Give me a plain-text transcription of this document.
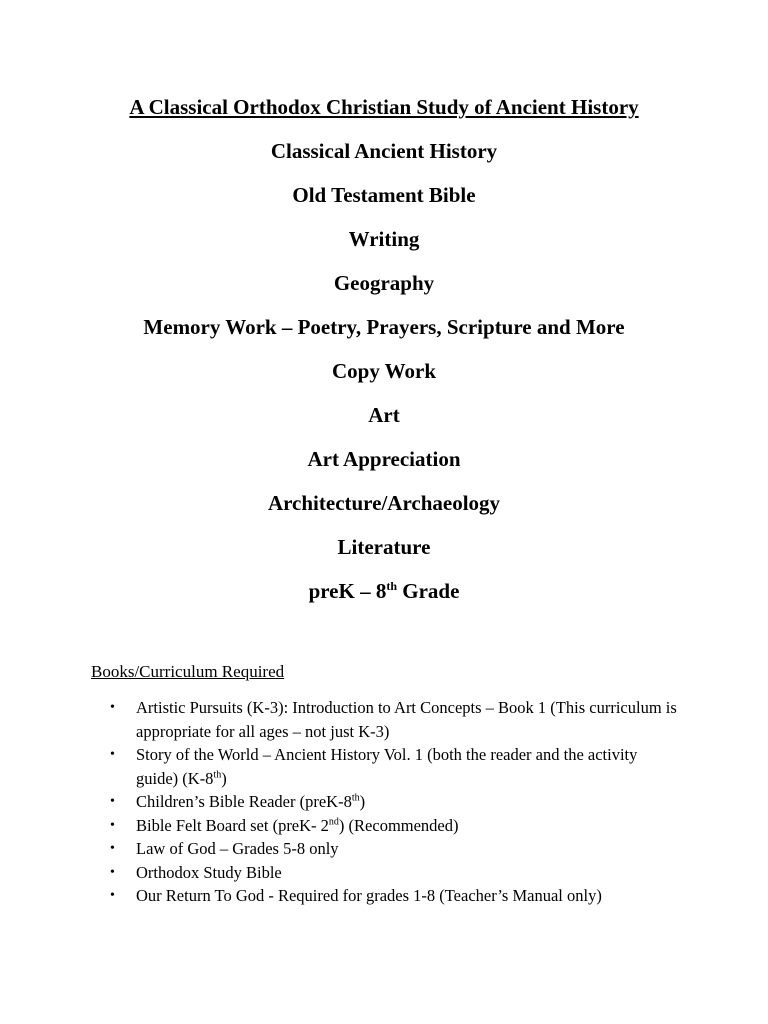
A Classical Orthodox Christian Study of Ancient History
Classical Ancient History
Old Testament Bible
Writing
Geography
Memory Work – Poetry, Prayers, Scripture and More
Copy Work
Art
Art Appreciation
Architecture/Archaeology
Literature
preK – 8th Grade

Books/Curriculum Required

• Artistic Pursuits (K-3): Introduction to Art Concepts – Book 1 (This curriculum is appropriate for all ages – not just K-3)
• Story of the World – Ancient History Vol. 1 (both the reader and the activity guide) (K-8th)
• Children’s Bible Reader (preK-8th)
• Bible Felt Board set (preK- 2nd) (Recommended)
• Law of God – Grades 5-8 only
• Orthodox Study Bible
• Our Return To God - Required for grades 1-8 (Teacher’s Manual only)
